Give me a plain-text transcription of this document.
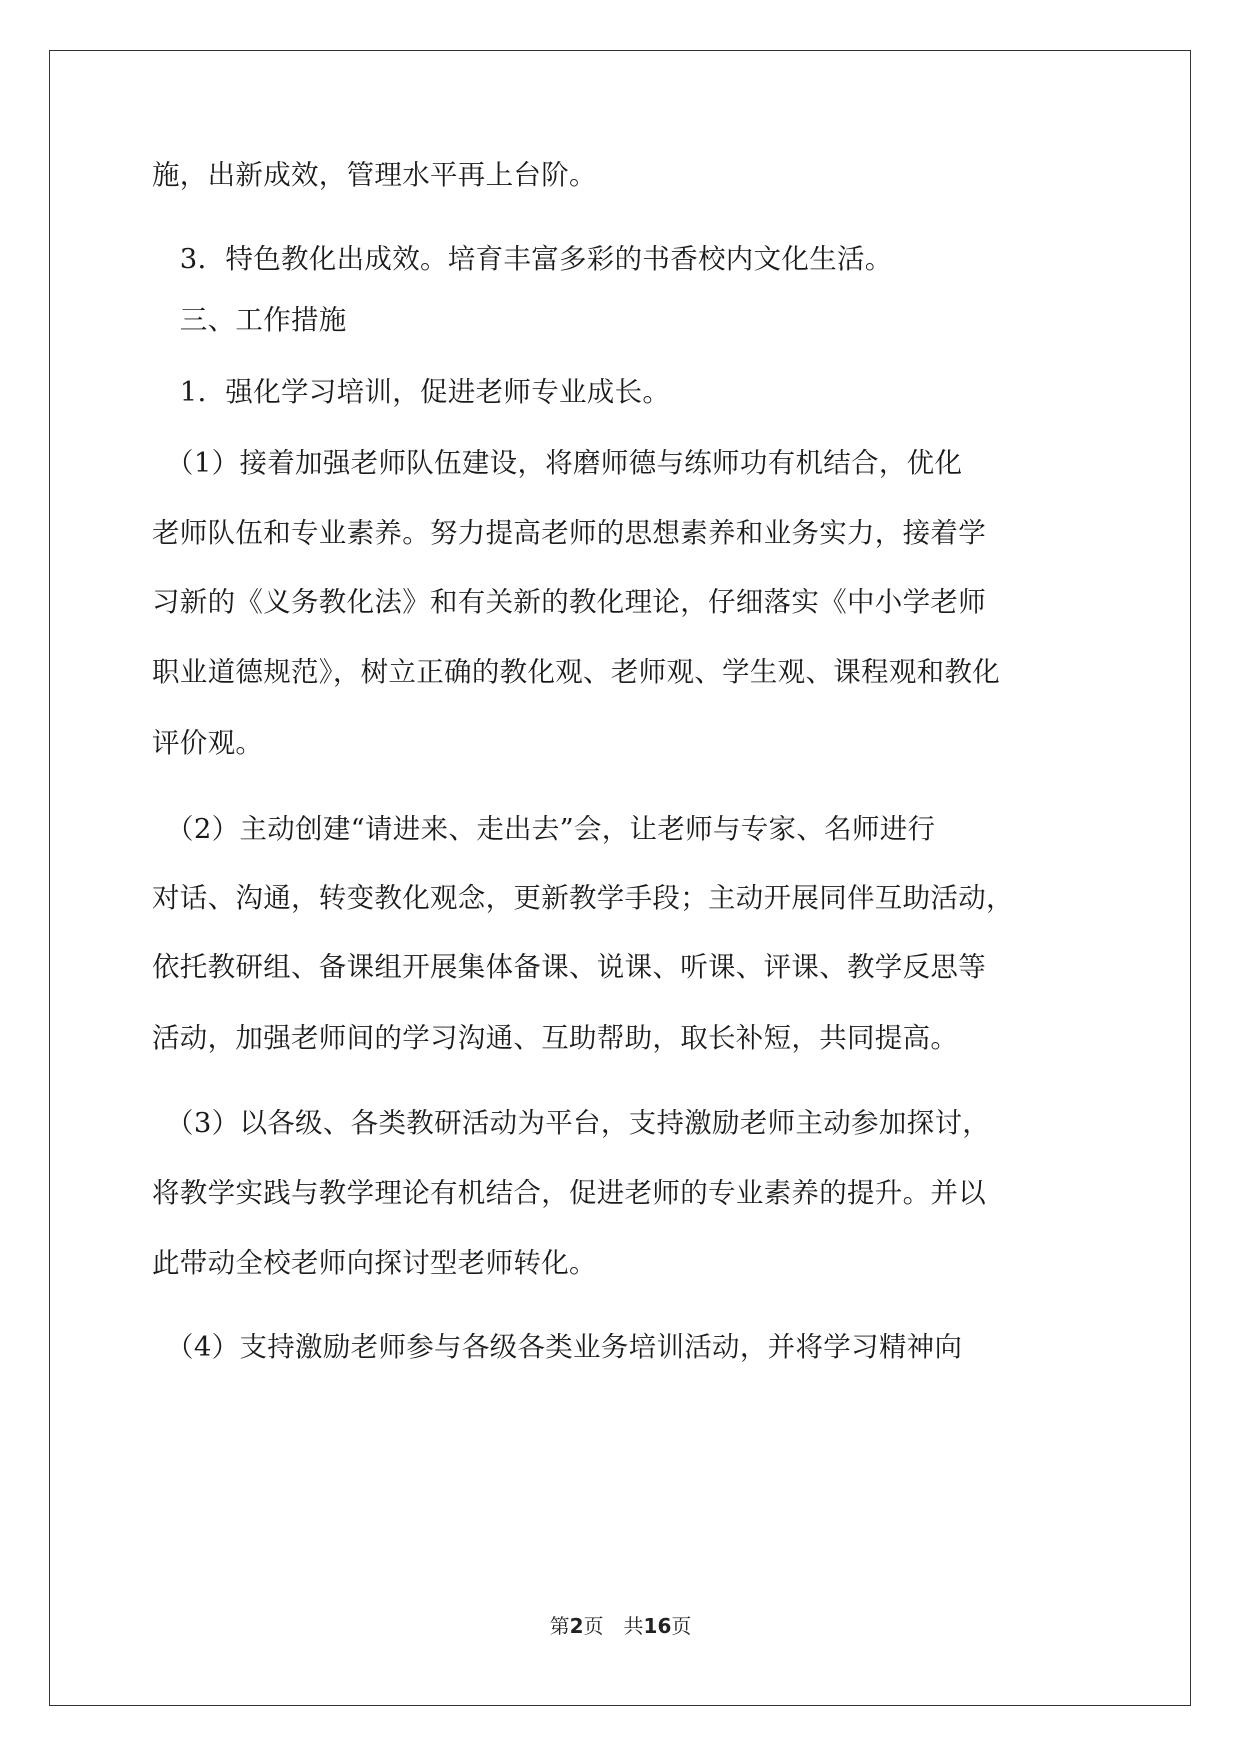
施，出新成效，管理水平再上台阶。

　3．特色教化出成效。培育丰富多彩的书香校内文化生活。

　三、工作措施

　1．强化学习培训，促进老师专业成长。

　（1）接着加强老师队伍建设，将磨师德与练师功有机结合，优化

老师队伍和专业素养。努力提高老师的思想素养和业务实力，接着学

习新的《义务教化法》和有关新的教化理论，仔细落实《中小学老师

职业道德规范》，树立正确的教化观、老师观、学生观、课程观和教化

评价观。

　（2）主动创建“请进来、走出去”会，让老师与专家、名师进行

对话、沟通，转变教化观念，更新教学手段；主动开展同伴互助活动，

依托教研组、备课组开展集体备课、说课、听课、评课、教学反思等

活动，加强老师间的学习沟通、互助帮助，取长补短，共同提高。

　（3）以各级、各类教研活动为平台，支持激励老师主动参加探讨，

将教学实践与教学理论有机结合，促进老师的专业素养的提升。并以

此带动全校老师向探讨型老师转化。

　（4）支持激励老师参与各级各类业务培训活动，并将学习精神向

第2页 共16页
